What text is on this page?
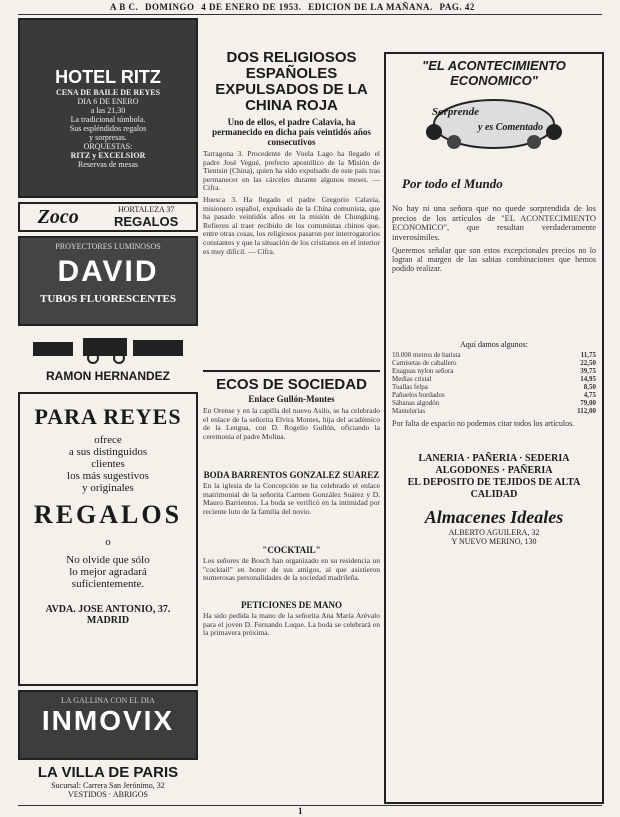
A B C. DOMINGO 4 DE ENERO DE 1953. EDICION DE LA MAÑANA. PAG. 42
HOTEL RITZ
CENA DE BAILE DE REYES
DIA 6 DE ENERO
a las 21,30
La tradicional tómbola.
Sus espléndidos regalos
y sorpresas.
ORQUESTAS:
RITZ y EXCELSIOR
Reservas de mesas
Zoco	HORTALEZA 37
REGALOS
PROYECTORES LUMINOSOS
DAVID
TUBOS FLUORESCENTES
RAMON HERNANDEZ
PARA REYES
ofrece
a sus distinguidos
clientes
los más sugestivos
y originales
REGALOS
o
No olvide que sólo
lo mejor agradará
suficientemente.
AVDA. JOSE ANTONIO, 37.
MADRID
LA GALLINA CON EL DIA
INMOVIX
LA VILLA DE PARIS
Sucursal: Carrera San Jerónimo, 32
VESTIDOS · ABRIGOS
DOS RELIGIOSOS ESPAÑOLES EXPULSADOS DE LA CHINA ROJA
Uno de ellos, el padre Calavia, ha permanecido en dicha país veintidós años consecutivos

Tarragona 3. Procedente de Vuela Lago ha llegado el padre José Vegué, prefecto apostólico de la Misión de Tientsin (China), quien ha sido expulsado de este país tras permanecer en las cárceles durante algunos meses. — Cifra.

Huesca 3. Ha llegado el padre Gregorio Calavia, misionero español, expulsado de la China comunista, que ha pasado veintidós años en la misión de Chungking. Refieren al traer recibido de los comunistas chinos que, entre otras cosas, los religiosos pasaron por interrogatorios constantes y que la situación de los cristianos en el interior es muy difícil. — Cifra.

ECOS DE SOCIEDAD
Enlace Gullón-Montes

En Orense y en la capilla del nuevo Asilo, se ha celebrado el enlace de la señorita Elvira Montes, hija del académico de la Lengua, con D. Rogelio Gullón, oficiando la ceremonia el padre Molina.

BODA BARRENTOS GONZALEZ SUAREZ

En la iglesia de la Concepción se ha celebrado el enlace matrimonial de la señorita Carmen González Suárez y D. Mauro Barrientos. La boda se verificó en la intimidad por reciente luto de la familia del novio.

"COCKTAIL"

Los señores de Bosch han organizado en su residencia un "cocktail" en honor de sus amigos, al que asistieron numerosas personalidades de la sociedad madrileña.

PETICIONES DE MANO

Ha sido pedida la mano de la señorita Ana María Arévalo para el joven D. Fernando Luque. La boda se celebrará en la primavera próxima.

"EL ACONTECIMIENTO ECONOMICO"
Sorprende
y es Comentado
Por todo el Mundo

No hay ni una señora que no quede sorprendida de los precios de los artículos de "EL ACONTECIMIENTO ECONOMICO", que resultan verdaderamente inverosímiles.

Queremos señalar que son estos excepcionales precios no lo logran al margen de las sabias combinaciones que hemos podido realizar.

Aquí damos algunos:
10.000 metros de batista	11,75
Camisetas de caballero	22,50
Enaguas nylon señora	39,75
Medias cristal	14,95
Toallas felpa	8,50
Pañuelos bordados	4,75
Sábanas algodón	79,00
Mantelerías	112,00

Por falta de espacio no podemos citar todos los artículos.

LANERIA · PAÑERIA · SEDERIA
ALGODONES · PAÑERIA
EL DEPOSITO DE TEJIDOS DE ALTA CALIDAD
Almacenes Ideales
ALBERTO AGUILERA, 32
Y NUEVO MERINO, 130
1
